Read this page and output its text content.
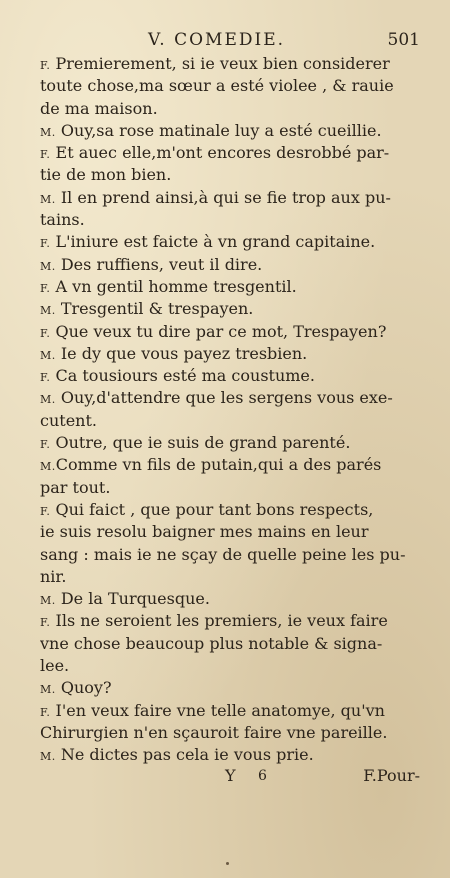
V. COMEDIE.	501
F. Premierement, si ie veux bien considerer
toute chose,ma sœur a esté violee , & rauie
de ma maison.
M. Ouy,sa rose matinale luy a esté cueillie.
F. Et auec elle,m'ont encores desrobbé par-
tie de mon bien.
M. Il en prend ainsi,à qui se fie trop aux pu-
tains.
F. L'iniure est faicte à vn grand capitaine.
M. Des ruffiens, veut il dire.
F. A vn gentil homme tresgentil.
M. Tresgentil & trespayen.
F. Que veux tu dire par ce mot, Trespayen?
M. Ie dy que vous payez tresbien.
F. Ca tousiours esté ma coustume.
M. Ouy,d'attendre que les sergens vous exe-
cutent.
F. Outre, que ie suis de grand parenté.
M.Comme vn fils de putain,qui a des parés
par tout.
F. Qui faict , que pour tant bons respects,
ie suis resolu baigner mes mains en leur
sang : mais ie ne sçay de quelle peine les pu-
nir.
M. De la Turquesque.
F. Ils ne seroient les premiers, ie veux faire
vne chose beaucoup plus notable & signa-
lee.
M. Quoy?
F. I'en veux faire vne telle anatomye, qu'vn
Chirurgien n'en sçauroit faire vne pareille.
M. Ne dictes pas cela ie vous prie.
Y 6	F.Pour-
